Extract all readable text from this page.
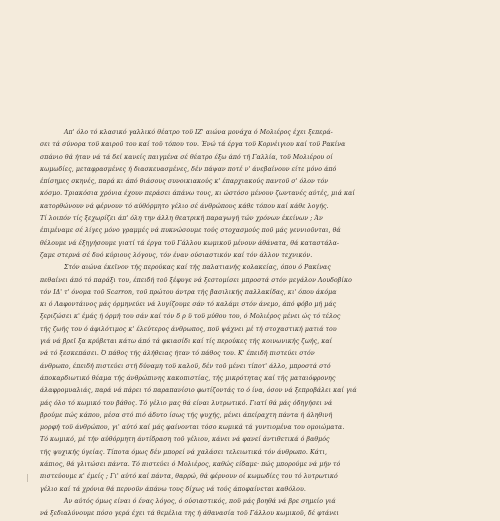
Απ' όλο τό κλασικό γαλλικό θέατρο τοϋ ΙΖ' αιώνα μονάχα ό Μολιέρος έχει ξεπερά-
σει τά σύνορα τοϋ καιροϋ του καί τοϋ τόπου του. Ένώ τά έργα τοϋ Κορνέιγιου καί τοϋ Ρακίνα
σπάνιο θά ήταν νά τά δεί κανείς παιγμένα σέ θέατρο έξω άπό τή Γαλλία, τοϋ Μολιέρου οί
κωμωδίες, μεταφρασμένες ή διασκευασμένες, δέν πάψαν ποτέ ν' άνεβαίνουν είτε μόνο άπό
έπίσημες σκηνές, παρά κι άπό θιάσους συνοικιακούς κ' έπαρχιακούς παντοϋ σ' όλον τόν
κόσμο. Τριακόσια χρόνια έχουν περάσει άπάνω τους, κι ώστόσο μένουν ζωντανές αύτές, μιά καί
κατορθώνουν νά φέρνουν τό αύθόρμητο γέλιο σέ άνθρώπους κάθε τόπου καί κάθε λογής.
Τί λοιπόν τίς ξεχωρίζει άπ' όλη την άλλη θεατρική παραγωγή τών χρόνων έκείνων ; Άν
έπιμέναμε σέ λίγες μόνο γραμμές νά πυκνώσουμε τούς στοχασμούς ποϋ μάς γεννιοϋνται, θά
θέλουμε νά έξηγήσουμε γιατί τά έργα τοϋ Γάλλου κωμικοϋ μένουν άθάνατα, θά καταστάλα-
ζαμε στερνά σέ δυό κύριους λόγους, τόν έναν ούσιαστικόν καί τόν άλλον τεχνικόν.
Στόν αιώνα έκεϊνον τής περούκας καί τής παλατιανής κολακείας, όπου ό Ρακίνας
πεθαίνει άπό τό παράξι του, έπειδή τοϋ ξέφυγε νά ξεστομίσει μπροστά στόν μεγάλον Λουδοβίκο
τόν ΙΔ' τ' όνομα τοϋ Scarron, τοϋ πρώτου άντρα τής βασιλικής παλλακίδας, κι' όπου άκόμα
κι ό Λαφοντάινος μάς όρμηνεύει νά λυγίζουμε σάν τό καλάμι στόν άνεμο, άπό φόβο μή μάς
ξεριζώσει κ' έμάς ή όρμή του σάν καί τόν δ ρ ϋ τοϋ μύθου του, ό Μολιέρος μένει ώς τό τέλος
τής ζωής του ό άφιλότιμος κ' έλεύτερος άνθρωπος, ποϋ ψάχνει μέ τή στοχαστική ματιά του
γιά νά βρεϊ ξα κρύβεται κάτω άπό τά φκιασίδι καί τίς περούκες τής κοινωνικής ζωής, καί
νά τό ξεσκεπάσει. Ό πάθος τής άλήθειας ήταν τό πάθος του. Κ' έπειδή πιστεύει στόν
άνθρωπο, έπειδή πιστεύει στή δύναμη τοϋ καλοϋ, δέν τοϋ μένει τίποτ' άλλο, μπροστά στό
άποκαρδιωτικό θέαμα τής άνθρώπινης κακοπιστίας, τής μικρότητας καί τής ματαιόφρονης
άλαφρομυαλιάς, παρά νά πάρει τό παραπανίσιο φωτίζοντάς το ό ίνα, όσον νά ξεπροβάλει καί γιά
μάς όλο τό κωμικό του βάθος. Τό γέλιο μας θά είναι λυτρωτικό. Γιατί θά μάς όδηγήσει νά
βρούμε πώς κάπου, μέσα στό πιό άδυτο ίσως τής ψυχής, μένει άπείραχτη πάντα ή άληθινή
μορφή τοϋ άνθρώπου, γι' αύτό καί μάς φαίνονται τόσο κωμικά τά γυντιομένα του ομοιώματα.
Τό κωμικό, μέ τήν αύθόρμητη άντίδραση τοϋ γέλιου, κάνει νά φανεί άντιθετικά ό βαθμός
τής ψυχικής ύγείας. Τίποτα όμως δέν μπορεί νά χαλάσει τελειωτικά τόν άνθρωπο. Κάτι,
κάπιος, θά γλιτώσει πάντα. Τό πιστεύει ό Μολιέρος, καθώς είδαμε· πώς μπορούμε νά μήν τό
πιστεύουμε κ' έμείς ; Γι' αύτό καί πάντα, θαρρώ, θά φέρνουν οί κωμωδίες του τό λυτρωτικό
γέλιο καί τά χρόνια θά περνοϋν άπάνω τους δίχως νά τούς άποφαίνεται καθόλου.
Άν αύτός όμως είναι ό ένας λόγος, ό ούσιαστικός, ποϋ μάς βοηθά νά βρε σημείο γιά
νά ξεδιαλύνουμε πόσο γερά έχει τά θεμέλια της ή άθανασία τοϋ Γάλλου κωμικοϋ, δέ φτάνει
